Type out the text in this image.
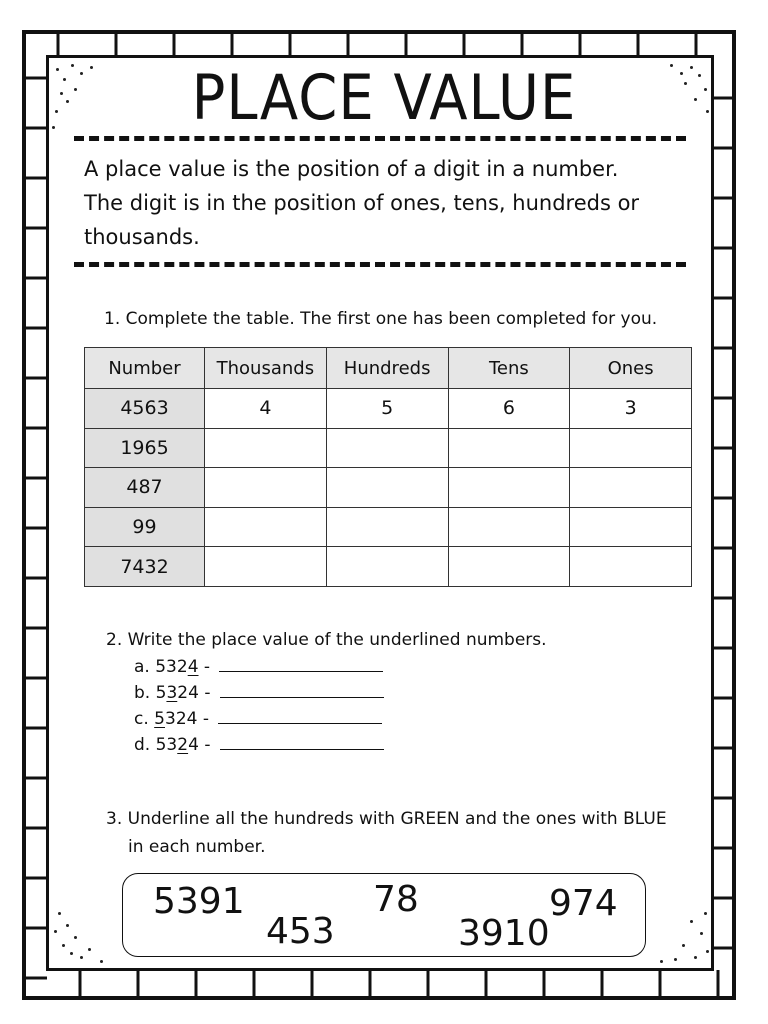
PLACE VALUE
A place value is the position of a digit in a number.
The digit is in the position of ones, tens, hundreds or
thousands.
1. Complete the table. The first one has been completed for you.
Number	Thousands	Hundreds	Tens	Ones
4563	4	5	6	3
1965				
487				
99				
7432				
2. Write the place value of the underlined numbers.
a. 5324 -
b. 5324 -
c. 5324 -
d. 5324 -
3. Underline all the hundreds with GREEN and the ones with BLUE
in each number.
5391	78	974
453	3910
